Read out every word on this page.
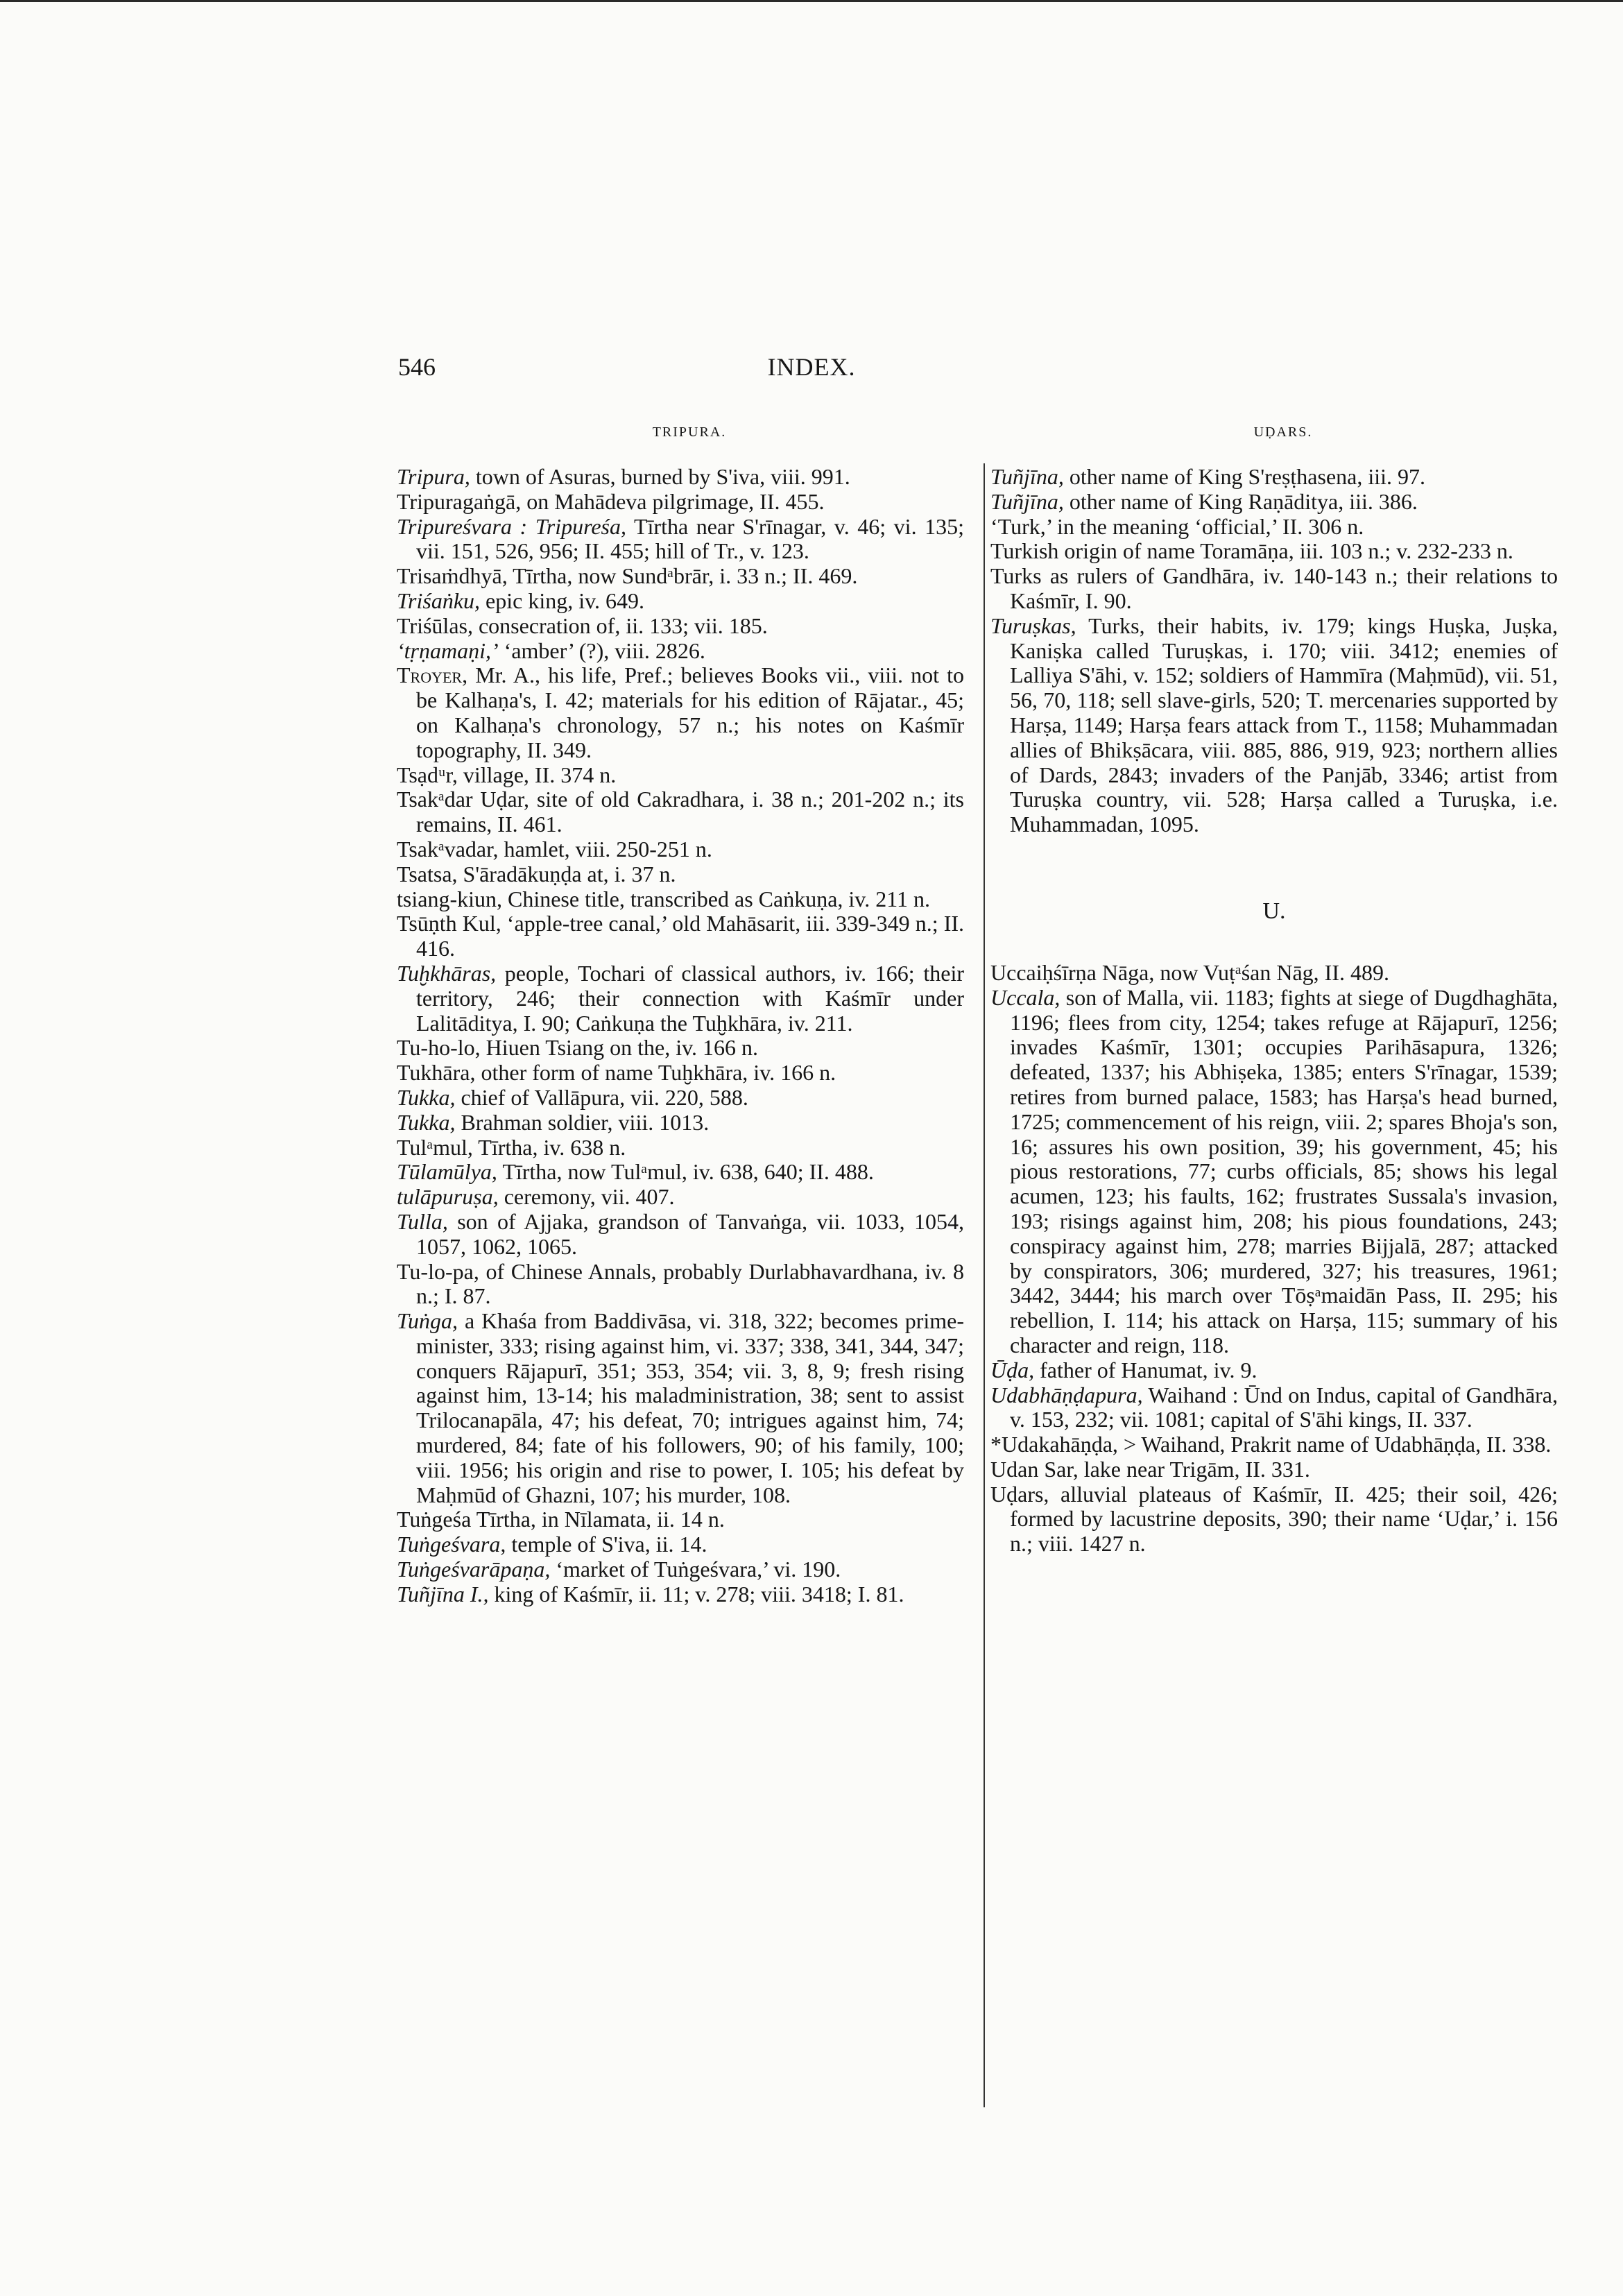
546	INDEX.
TRIPURA.	UḌARS.

Tripura, town of Asuras, burned by S'iva, viii. 991.

Tripuragaṅgā, on Mahādeva pilgrimage, II. 455.

Tripureśvara : Tripureśa, Tīrtha near S'rīnagar, v. 46; vi. 135; vii. 151, 526, 956; II. 455; hill of Tr., v. 123.

Trisaṁdhyā, Tīrtha, now Sundᵃbrār, i. 33 n.; II. 469.

Triśaṅku, epic king, iv. 649.

Triśūlas, consecration of, ii. 133; vii. 185.

‘tṛṇamaṇi,’ ‘amber’ (?), viii. 2826.

Troyer, Mr. A., his life, Pref.; believes Books vii., viii. not to be Kalhaṇa's, I. 42; materials for his edition of Rājatar., 45; on Kalhaṇa's chronology, 57 n.; his notes on Kaśmīr topography, II. 349.

Tsạdᵘr, village, II. 374 n.

Tsakᵃdar Uḍar, site of old Cakradhara, i. 38 n.; 201-202 n.; its remains, II. 461.

Tsakᵃvadar, hamlet, viii. 250-251 n.

Tsatsa, S'āradākuṇḍa at, i. 37 n.

tsiang-kiun, Chinese title, transcribed as Caṅkuṇa, iv. 211 n.

Tsūṇth Kul, ‘apple-tree canal,’ old Mahāsarit, iii. 339-349 n.; II. 416.

Tuḫkhāras, people, Tochari of classical authors, iv. 166; their territory, 246; their connection with Kaśmīr under Lalitāditya, I. 90; Caṅkuṇa the Tuḫkhāra, iv. 211.

Tu-ho-lo, Hiuen Tsiang on the, iv. 166 n.

Tukhāra, other form of name Tuḫkhāra, iv. 166 n.

Tukka, chief of Vallāpura, vii. 220, 588.

Tukka, Brahman soldier, viii. 1013.

Tulᵃmul, Tīrtha, iv. 638 n.

Tūlamūlya, Tīrtha, now Tulᵃmul, iv. 638, 640; II. 488.

tulāpuruṣa, ceremony, vii. 407.

Tulla, son of Ajjaka, grandson of Tanvaṅga, vii. 1033, 1054, 1057, 1062, 1065.

Tu-lo-pa, of Chinese Annals, probably Durlabhavardhana, iv. 8 n.; I. 87.

Tuṅga, a Khaśa from Baddivāsa, vi. 318, 322; becomes prime-minister, 333; rising against him, vi. 337; 338, 341, 344, 347; conquers Rājapurī, 351; 353, 354; vii. 3, 8, 9; fresh rising against him, 13-14; his maladministration, 38; sent to assist Trilocanapāla, 47; his defeat, 70; intrigues against him, 74; murdered, 84; fate of his followers, 90; of his family, 100; viii. 1956; his origin and rise to power, I. 105; his defeat by Maḥmūd of Ghazni, 107; his murder, 108.

Tuṅgeśa Tīrtha, in Nīlamata, ii. 14 n.

Tuṅgeśvara, temple of S'iva, ii. 14.

Tuṅgeśvarāpaṇa, ‘market of Tuṅgeśvara,’ vi. 190.

Tuñjīna I., king of Kaśmīr, ii. 11; v. 278; viii. 3418; I. 81.

Tuñjīna, other name of King S'reṣṭhasena, iii. 97.

Tuñjīna, other name of King Raṇāditya, iii. 386.

‘Turk,’ in the meaning ‘official,’ II. 306 n.

Turkish origin of name Toramāṇa, iii. 103 n.; v. 232-233 n.

Turks as rulers of Gandhāra, iv. 140-143 n.; their relations to Kaśmīr, I. 90.

Turuṣkas, Turks, their habits, iv. 179; kings Huṣka, Juṣka, Kaniṣka called Turuṣkas, i. 170; viii. 3412; enemies of Lalliya S'āhi, v. 152; soldiers of Hammīra (Maḥmūd), vii. 51, 56, 70, 118; sell slave-girls, 520; T. mercenaries supported by Harṣa, 1149; Harṣa fears attack from T., 1158; Muhammadan allies of Bhikṣācara, viii. 885, 886, 919, 923; northern allies of Dards, 2843; invaders of the Panjāb, 3346; artist from Turuṣka country, vii. 528; Harṣa called a Turuṣka, i.e. Muhammadan, 1095.

U.

Uccaiḥśīrṇa Nāga, now Vuṭᵃśan Nāg, II. 489.

Uccala, son of Malla, vii. 1183; fights at siege of Dugdhaghāta, 1196; flees from city, 1254; takes refuge at Rājapurī, 1256; invades Kaśmīr, 1301; occupies Parihāsapura, 1326; defeated, 1337; his Abhiṣeka, 1385; enters S'rīnagar, 1539; retires from burned palace, 1583; has Harṣa's head burned, 1725; commencement of his reign, viii. 2; spares Bhoja's son, 16; assures his own position, 39; his government, 45; his pious restorations, 77; curbs officials, 85; shows his legal acumen, 123; his faults, 162; frustrates Sussala's invasion, 193; risings against him, 208; his pious foundations, 243; conspiracy against him, 278; marries Bijjalā, 287; attacked by conspirators, 306; murdered, 327; his treasures, 1961; 3442, 3444; his march over Tōṣᵃmaidān Pass, II. 295; his rebellion, I. 114; his attack on Harṣa, 115; summary of his character and reign, 118.

Ūḍa, father of Hanumat, iv. 9.

Udabhāṇḍapura, Waihand : Ūnd on Indus, capital of Gandhāra, v. 153, 232; vii. 1081; capital of S'āhi kings, II. 337.

*Udakahāṇḍa, > Waihand, Prakrit name of Udabhāṇḍa, II. 338.

Udan Sar, lake near Trigām, II. 331.

Uḍars, alluvial plateaus of Kaśmīr, II. 425; their soil, 426; formed by lacustrine deposits, 390; their name ‘Uḍar,’ i. 156 n.; viii. 1427 n.
